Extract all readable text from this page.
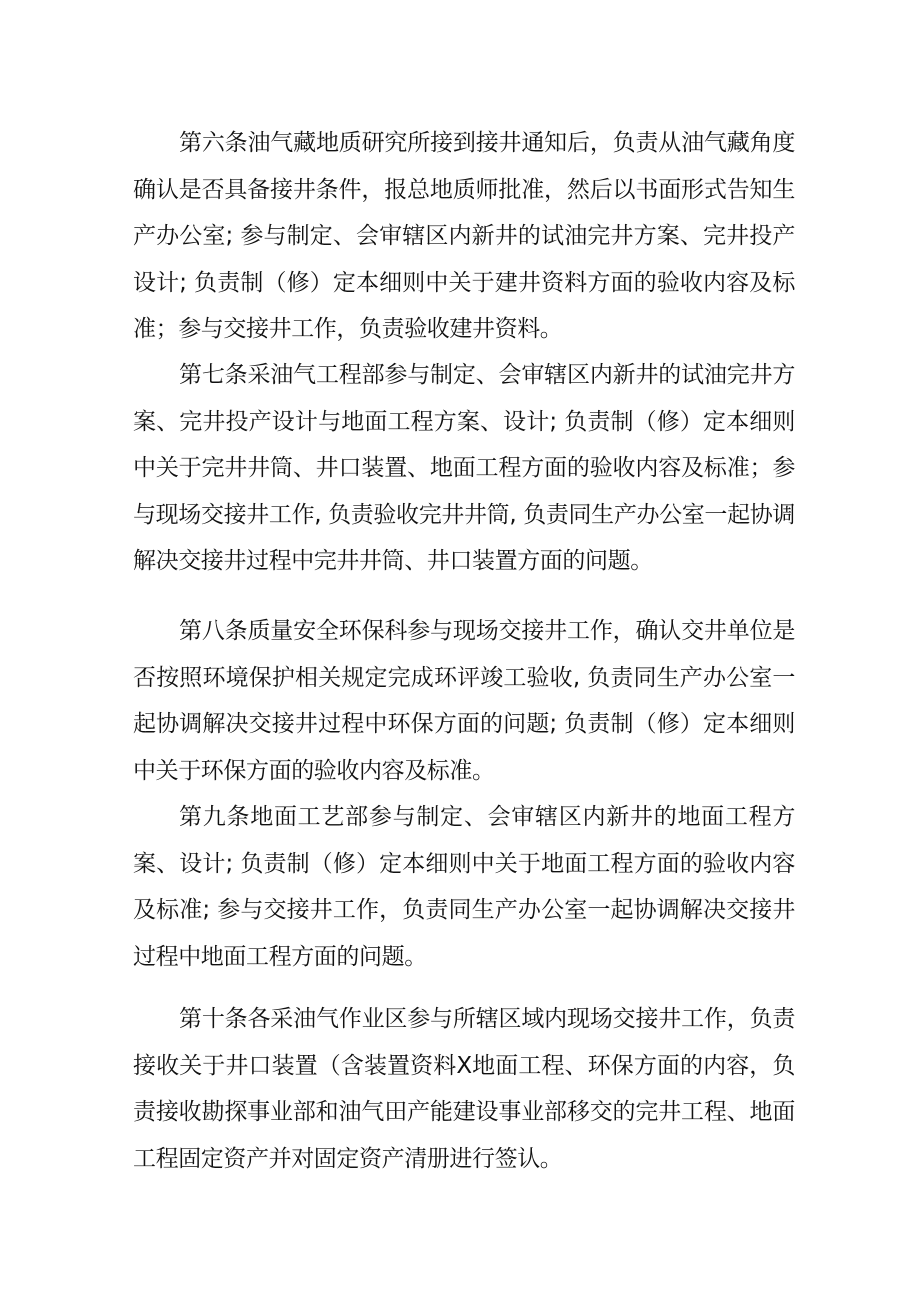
第六条油气藏地质研究所接到接井通知后，负责从油气藏角度确认是否具备接井条件，报总地质师批准，然后以书面形式告知生产办公室; 参与制定、会审辖区内新井的试油完井方案、完井投产设计; 负责制（修）定本细则中关于建井资料方面的验收内容及标准；参与交接井工作，负责验收建井资料。

第七条采油气工程部参与制定、会审辖区内新井的试油完井方案、完井投产设计与地面工程方案、设计; 负责制（修）定本细则中关于完井井筒、井口装置、地面工程方面的验收内容及标准；参与现场交接井工作, 负责验收完井井筒, 负责同生产办公室一起协调解决交接井过程中完井井筒、井口装置方面的问题。

第八条质量安全环保科参与现场交接井工作，确认交井单位是否按照环境保护相关规定完成环评竣工验收, 负责同生产办公室一起协调解决交接井过程中环保方面的问题; 负责制（修）定本细则中关于环保方面的验收内容及标准。

第九条地面工艺部参与制定、会审辖区内新井的地面工程方案、设计; 负责制（修）定本细则中关于地面工程方面的验收内容及标准; 参与交接井工作，负责同生产办公室一起协调解决交接井过程中地面工程方面的问题。

第十条各采油气作业区参与所辖区域内现场交接井工作，负责接收关于井口装置（含装置资料X地面工程、环保方面的内容，负责接收勘探事业部和油气田产能建设事业部移交的完井工程、地面工程固定资产并对固定资产清册进行签认。
